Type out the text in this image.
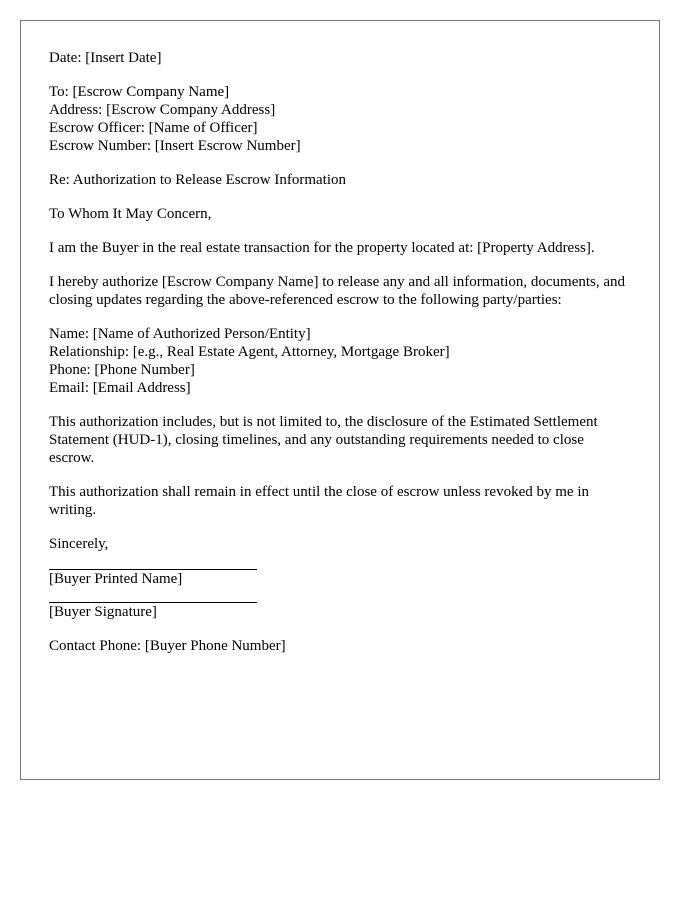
Date: [Insert Date]

To: [Escrow Company Name]
Address: [Escrow Company Address]
Escrow Officer: [Name of Officer]
Escrow Number: [Insert Escrow Number]

Re: Authorization to Release Escrow Information

To Whom It May Concern,

I am the Buyer in the real estate transaction for the property located at: [Property Address].

I hereby authorize [Escrow Company Name] to release any and all information, documents, and closing updates regarding the above-referenced escrow to the following party/parties:

Name: [Name of Authorized Person/Entity]
Relationship: [e.g., Real Estate Agent, Attorney, Mortgage Broker]
Phone: [Phone Number]
Email: [Email Address]

This authorization includes, but is not limited to, the disclosure of the Estimated Settlement Statement (HUD-1), closing timelines, and any outstanding requirements needed to close escrow.

This authorization shall remain in effect until the close of escrow unless revoked by me in writing.

Sincerely,

[Buyer Printed Name]
[Buyer Signature]

Contact Phone: [Buyer Phone Number]
